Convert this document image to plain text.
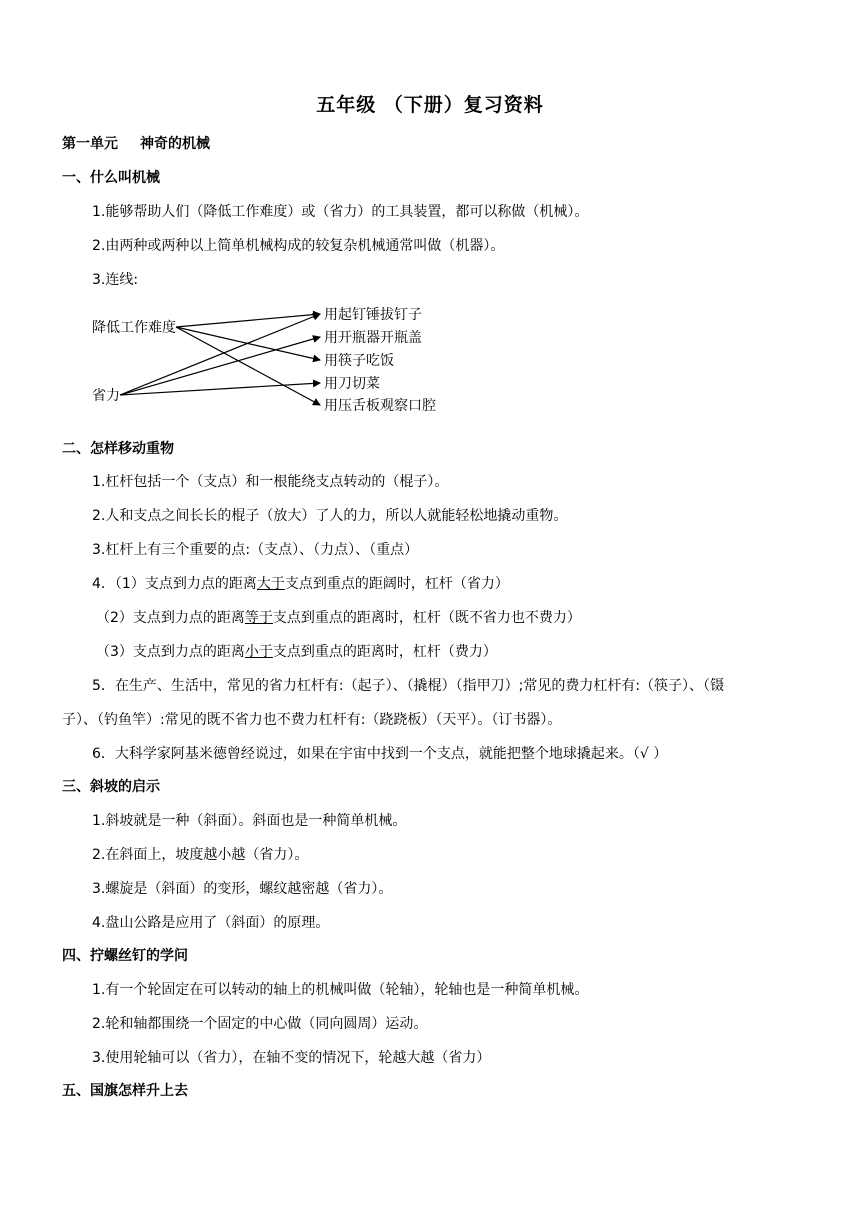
五年级 （下册）复习资料
第一单元 神奇的机械
一、什么叫机械
1.能够帮助人们（降低工作难度）或（省力）的工具装置，都可以称做（机械）。
2.由两种或两种以上简单机械构成的较复杂机械通常叫做（机器）。
3.连线:
降低工作难度
省力
用起钉锤拔钉子
用开瓶器开瓶盖
用筷子吃饭
用刀切菜
用压舌板观察口腔
二、怎样移动重物
1.杠杆包括一个（支点）和一根能绕支点转动的（棍子）。
2.人和支点之间长长的棍子（放大）了人的力，所以人就能轻松地撬动重物。
3.杠杆上有三个重要的点:（支点）、（力点）、（重点）
4．（1）支点到力点的距离大于支点到重点的距阔时，杠杆（省力）
（2）支点到力点的距离等于支点到重点的距离时，杠杆（既不省力也不费力）
（3）支点到力点的距离小于支点到重点的距离时，杠杆（费力）
5．在生产、生活中，常见的省力杠杆有:（起子）、（撬棍）（指甲刀）;常见的费力杠杆有:（筷子）、（镊
子）、（钓鱼竿）:常见的既不省力也不费力杠杆有:（跷跷板）（天平）。（订书器）。
6．大科学家阿基米德曾经说过，如果在宇宙中找到一个支点，就能把整个地球撬起来。（√ ）
三、斜坡的启示
1.斜坡就是一种（斜面）。斜面也是一种简单机械。
2.在斜面上，坡度越小越（省力）。
3.螺旋是（斜面）的变形，螺纹越密越（省力）。
4.盘山公路是应用了（斜面）的原理。
四、拧螺丝钉的学问
1.有一个轮固定在可以转动的轴上的机械叫做（轮轴），轮轴也是一种简单机械。
2.轮和轴都围绕一个固定的中心做（同向圆周）运动。
3.使用轮轴可以（省力），在轴不变的情况下，轮越大越（省力）
五、国旗怎样升上去
